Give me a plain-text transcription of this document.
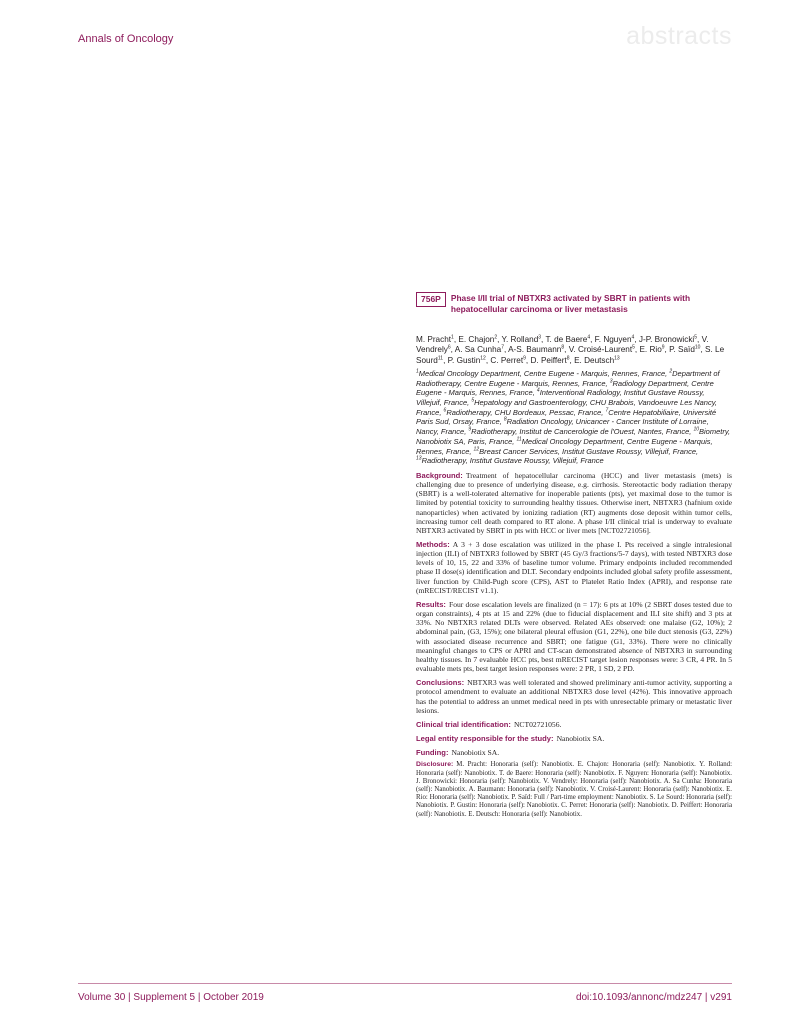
Annals of Oncology	abstracts
756P	Phase I/II trial of NBTXR3 activated by SBRT in patients with hepatocellular carcinoma or liver metastasis
M. Pracht$^1$, E. Chajon$^2$, Y. Rolland$^3$, T. de Baere$^4$, F. Nguyen$^4$, J-P. Bronowicki$^5$, V. Vendrely$^6$, A. Sa Cunha$^7$, A-S. Baumann$^8$, V. Croisé-Laurent$^5$, E. Rio$^9$, P. Saïd$^{10}$, S. Le Sourd$^{11}$, P. Gustin$^{12}$, C. Perret$^9$, D. Peiffert$^8$, E. Deutsch$^{13}$
$^1$Medical Oncology Department, Centre Eugene - Marquis, Rennes, France, $^2$Department of Radiotherapy, Centre Eugene - Marquis, Rennes, France, $^3$Radiology Department, Centre Eugene - Marquis, Rennes, France, $^4$Interventional Radiology, Institut Gustave Roussy, Villejuif, France, $^5$Hepatology and Gastroenterology, CHU Brabois, Vandoeuvre Les Nancy, France, $^6$Radiotherapy, CHU Bordeaux, Pessac, France, $^7$Centre Hepatobiliaire, Université Paris Sud, Orsay, France, $^8$Radiation Oncology, Unicancer - Cancer Institute of Lorraine, Nancy, France, $^9$Radiotherapy, Institut de Cancerologie de l'Ouest, Nantes, France, $^{10}$Biometry, Nanobiotix SA, Paris, France, $^{11}$Medical Oncology Department, Centre Eugene - Marquis, Rennes, France, $^{12}$Breast Cancer Services, Institut Gustave Roussy, Villejuif, France, $^{13}$Radiotherapy, Institut Gustave Roussy, Villejuif, France
Background: Treatment of hepatocellular carcinoma (HCC) and liver metastasis (mets) is challenging due to presence of underlying disease, e.g. cirrhosis. Stereotactic body radiation therapy (SBRT) is a well-tolerated alternative for inoperable patients (pts), yet maximal dose to the tumor is limited by potential toxicity to surrounding healthy tissues. Otherwise inert, NBTXR3 (hafnium oxide nanoparticles) when activated by ionizing radiation (RT) augments dose deposit within tumor cells, increasing tumor cell death compared to RT alone. A phase I/II clinical trial is underway to evaluate NBTXR3 activated by SBRT in pts with HCC or liver mets [NCT02721056].
Methods: A 3 + 3 dose escalation was utilized in the phase I. Pts received a single intralesional injection (ILI) of NBTXR3 followed by SBRT (45 Gy/3 fractions/5-7 days), with tested NBTXR3 dose levels of 10, 15, 22 and 33% of baseline tumor volume. Primary endpoints included recommended phase II dose(s) identification and DLT. Secondary endpoints included global safety profile assessment, liver function by Child-Pugh score (CPS), AST to Platelet Ratio Index (APRI), and response rate (mRECIST/RECIST v1.1).
Results: Four dose escalation levels are finalized (n = 17): 6 pts at 10% (2 SBRT doses tested due to organ constraints), 4 pts at 15 and 22% (due to fiducial displacement and ILI site shift) and 3 pts at 33%. No NBTXR3 related DLTs were observed. Related AEs observed: one malaise (G2, 10%); 2 abdominal pain, (G3, 15%); one bilateral pleural effusion (G1, 22%), one bile duct stenosis (G3, 22%) with associated disease recurrence and SBRT; one fatigue (G1, 33%). There were no clinically meaningful changes to CPS or APRI and CT-scan demonstrated absence of NBTXR3 in surrounding healthy tissues. In 7 evaluable HCC pts, best mRECIST target lesion responses were: 3 CR, 4 PR. In 5 evaluable mets pts, best target lesion responses were: 2 PR, 1 SD, 2 PD.
Conclusions: NBTXR3 was well tolerated and showed preliminary anti-tumor activity, supporting a protocol amendment to evaluate an additional NBTXR3 dose level (42%). This innovative approach has the potential to address an unmet medical need in pts with unresectable primary or metastatic liver lesions.
Clinical trial identification: NCT02721056.
Legal entity responsible for the study: Nanobiotix SA.
Funding: Nanobiotix SA.
Disclosure: M. Pracht: Honoraria (self): Nanobiotix. E. Chajon: Honoraria (self): Nanobiotix. Y. Rolland: Honoraria (self): Nanobiotix. T. de Baere: Honoraria (self): Nanobiotix. F. Nguyen: Honoraria (self): Nanobiotix. J. Bronowicki: Honoraria (self): Nanobiotix. V. Vendrely: Honoraria (self): Nanobiotix. A. Sa Cunha: Honoraria (self): Nanobiotix. A. Baumann: Honoraria (self): Nanobiotix. V. Croisé-Laurent: Honoraria (self): Nanobiotix. E. Rio: Honoraria (self): Nanobiotix. P. Saïd: Full / Part-time employment: Nanobiotix. S. Le Sourd: Honoraria (self): Nanobiotix. P. Gustin: Honoraria (self): Nanobiotix. C. Perret: Honoraria (self): Nanobiotix. D. Peiffert: Honoraria (self): Nanobiotix. E. Deutsch: Honoraria (self): Nanobiotix.
Volume 30 | Supplement 5 | October 2019	doi:10.1093/annonc/mdz247 | v291
